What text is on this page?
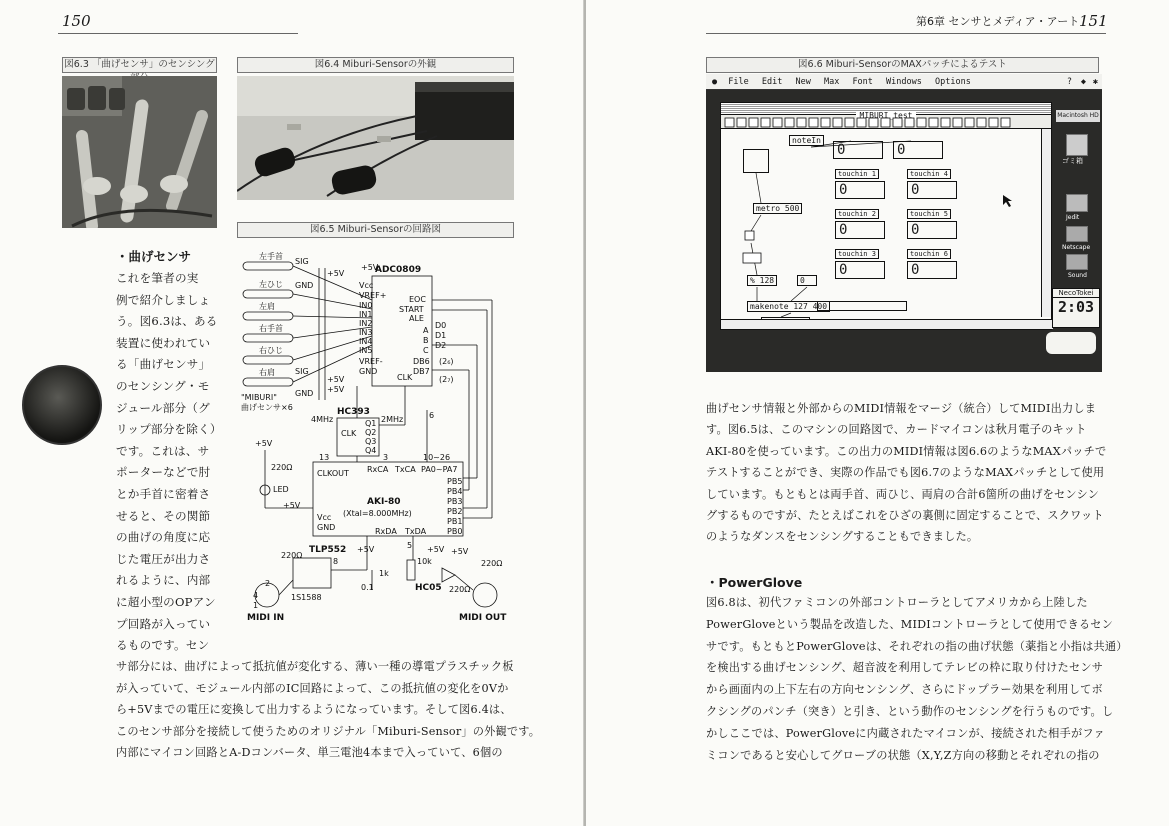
150
図6.3 「曲げセンサ」のセンシング	図6.4 Miburi-Sensorの外観
図6.5 Miburi-Sensorの回路図
左手首
左ひじ
左肩
右手首
右ひじ
右肩
SIG
GND
SIG
GND
+5V
+5V
+5V
+5V
"MIBURI"
曲げセンサ×6
ADC0809
Vcc
VREF+
IN0
IN1
IN2
IN3
IN4
IN5
VREF-
GND
EOC
START
ALE
A
B
C
CLK
D0
D1
D2
DB6
DB7
(2₆)
(2₇)
HC393
CLK
Q1
Q2
Q3
Q4
4MHz	2MHz
AKI-80
(Xtal=8.000MHz)
CLKOUT RxCA TxCA PA0~PA7
PB5
PB4
PB3
PB2
PB1
PB0
Vcc
GND	RxDA TxDA
+5V
220Ω
LED
+5V
TLP552 +5V
220Ω
1S1588
1k
0.1
10k
+5V +5V
HC05
220Ω
220Ω
MIDI IN	MIDI OUT
13	3
6
10~26
5
8
4
2
1
・曲げセンサ

これを筆者の実

例で紹介しましょ

う。図6.3は、ある

装置に使われてい

る「曲げセンサ」

のセンシング・モ

ジュール部分（グ

リップ部分を除く）

です。これは、サ

ポーターなどで肘

とか手首に密着さ

せると、その関節

の曲げの角度に応

じた電圧が出力さ

れるように、内部

に超小型のOPアン

プ回路が入ってい

るものです。セン

サ部分には、曲げによって抵抗値が変化する、薄い一種の導電プラスチック板

が入っていて、モジュール内部のIC回路によって、この抵抗値の変化を0Vか

ら+5Vまでの電圧に変換して出力するようになっています。そして図6.4は、

このセンサ部分を接続して使うためのオリジナル「Miburi-Sensor」の外観です。

内部にマイコン回路とA-Dコンバータ、単三電池4本まで入っていて、6個の

第6章 センサとメディア・アート 151
図6.6 Miburi-SensorのMAXパッチによるテスト
● File Edit New Max Font Windows Options	? ◆ ✱
noteIn
metro 500
% 128	0
makenote 127 400
0	0
touchin 1	touchin 4
0	0
touchin 2	touchin 5
0	0
touchin 3	touchin 6
0	0
Macintosh HD
ゴミ箱
Jedit
Netscape
Sound
NecoTokei
2:03

曲げセンサ情報と外部からのMIDI情報をマージ（統合）してMIDI出力しま

す。図6.5は、このマシンの回路図で、カードマイコンは秋月電子のキット

AKI-80を使っています。この出力のMIDI情報は図6.6のようなMAXパッチで

テストすることができ、実際の作品でも図6.7のようなMAXパッチとして使用

しています。もともとは両手首、両ひじ、両肩の合計6箇所の曲げをセンシン

グするものですが、たとえばこれをひざの裏側に固定することで、スクワット

のようなダンスをセンシングすることもできました。

・PowerGlove

図6.8は、初代ファミコンの外部コントローラとしてアメリカから上陸した

PowerGloveという製品を改造した、MIDIコントローラとして使用できるセン

サです。もともとPowerGloveは、それぞれの指の曲げ状態（薬指と小指は共通）

を検出する曲げセンシング、超音波を利用してテレビの枠に取り付けたセンサ

から画面内の上下左右の方向センシング、さらにドップラー効果を利用してボ

クシングのパンチ（突き）と引き、という動作のセンシングを行うものです。し

かしここでは、PowerGloveに内蔵されたマイコンが、接続された相手がファ

ミコンであると安心してグローブの状態（X,Y,Z方向の移動とそれぞれの指の
